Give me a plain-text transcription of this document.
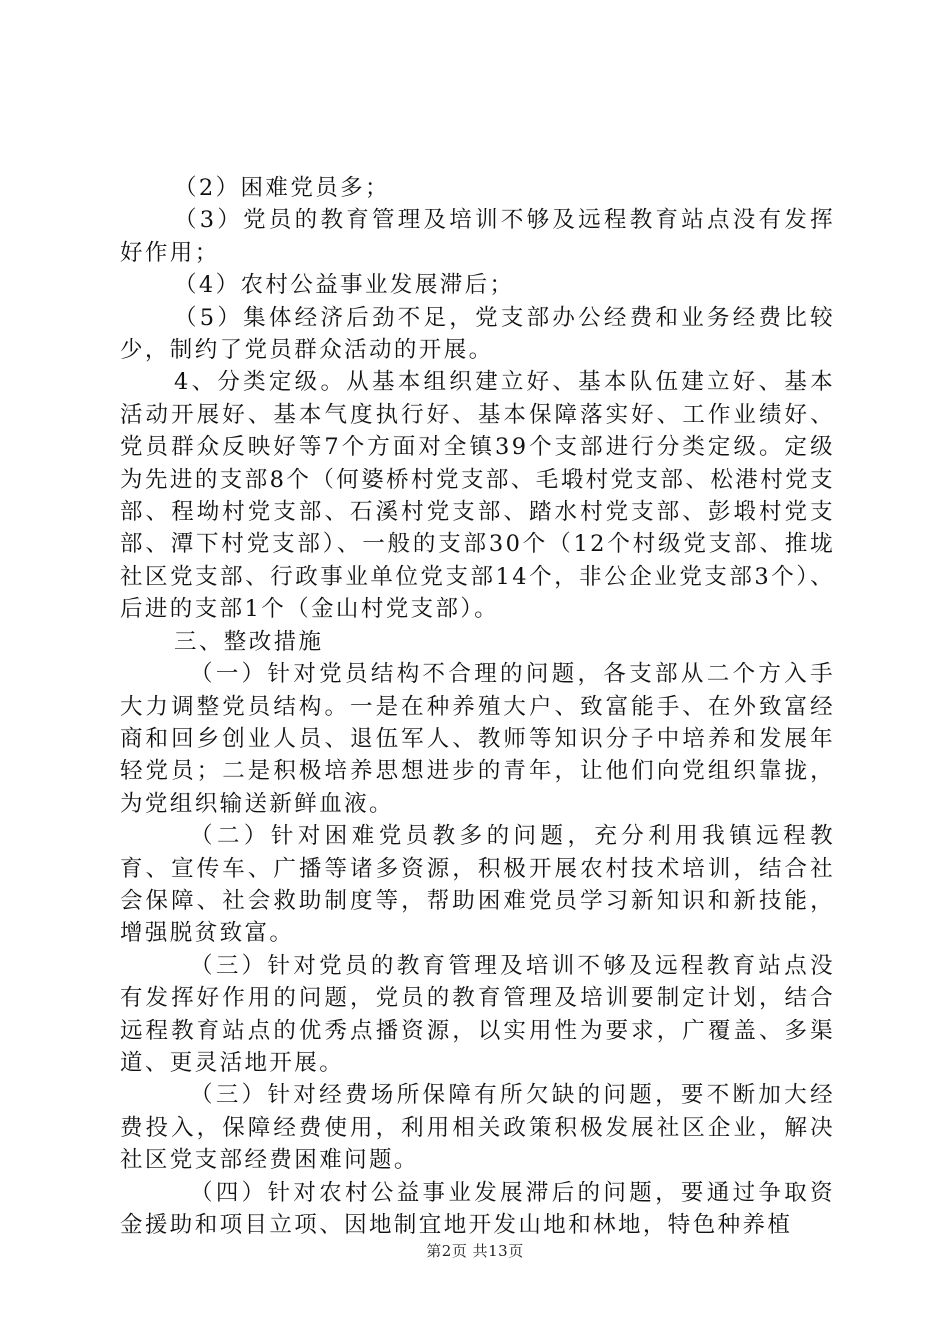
（2）困难党员多；

（3）党员的教育管理及培训不够及远程教育站点没有发挥好作用；

（4）农村公益事业发展滞后；

（5）集体经济后劲不足，党支部办公经费和业务经费比较少，制约了党员群众活动的开展。

4、分类定级。从基本组织建立好、基本队伍建立好、基本活动开展好、基本气度执行好、基本保障落实好、工作业绩好、党员群众反映好等7个方面对全镇39个支部进行分类定级。定级为先进的支部8个（何婆桥村党支部、毛塅村党支部、松港村党支部、程坳村党支部、石溪村党支部、踏水村党支部、彭塅村党支部、潭下村党支部）、一般的支部30个（12个村级党支部、推垅社区党支部、行政事业单位党支部14个，非公企业党支部3个）、后进的支部1个（金山村党支部）。

三、整改措施

（一）针对党员结构不合理的问题，各支部从二个方入手大力调整党员结构。一是在种养殖大户、致富能手、在外致富经商和回乡创业人员、退伍军人、教师等知识分子中培养和发展年轻党员；二是积极培养思想进步的青年，让他们向党组织靠拢，为党组织输送新鲜血液。

（二）针对困难党员教多的问题，充分利用我镇远程教育、宣传车、广播等诸多资源，积极开展农村技术培训，结合社会保障、社会救助制度等，帮助困难党员学习新知识和新技能，增强脱贫致富。

（三）针对党员的教育管理及培训不够及远程教育站点没有发挥好作用的问题，党员的教育管理及培训要制定计划，结合远程教育站点的优秀点播资源，以实用性为要求，广覆盖、多渠道、更灵活地开展。

（三）针对经费场所保障有所欠缺的问题，要不断加大经费投入，保障经费使用，利用相关政策积极发展社区企业，解决社区党支部经费困难问题。

（四）针对农村公益事业发展滞后的问题，要通过争取资金援助和项目立项、因地制宜地开发山地和林地，特色种养植

第2页 共13页
